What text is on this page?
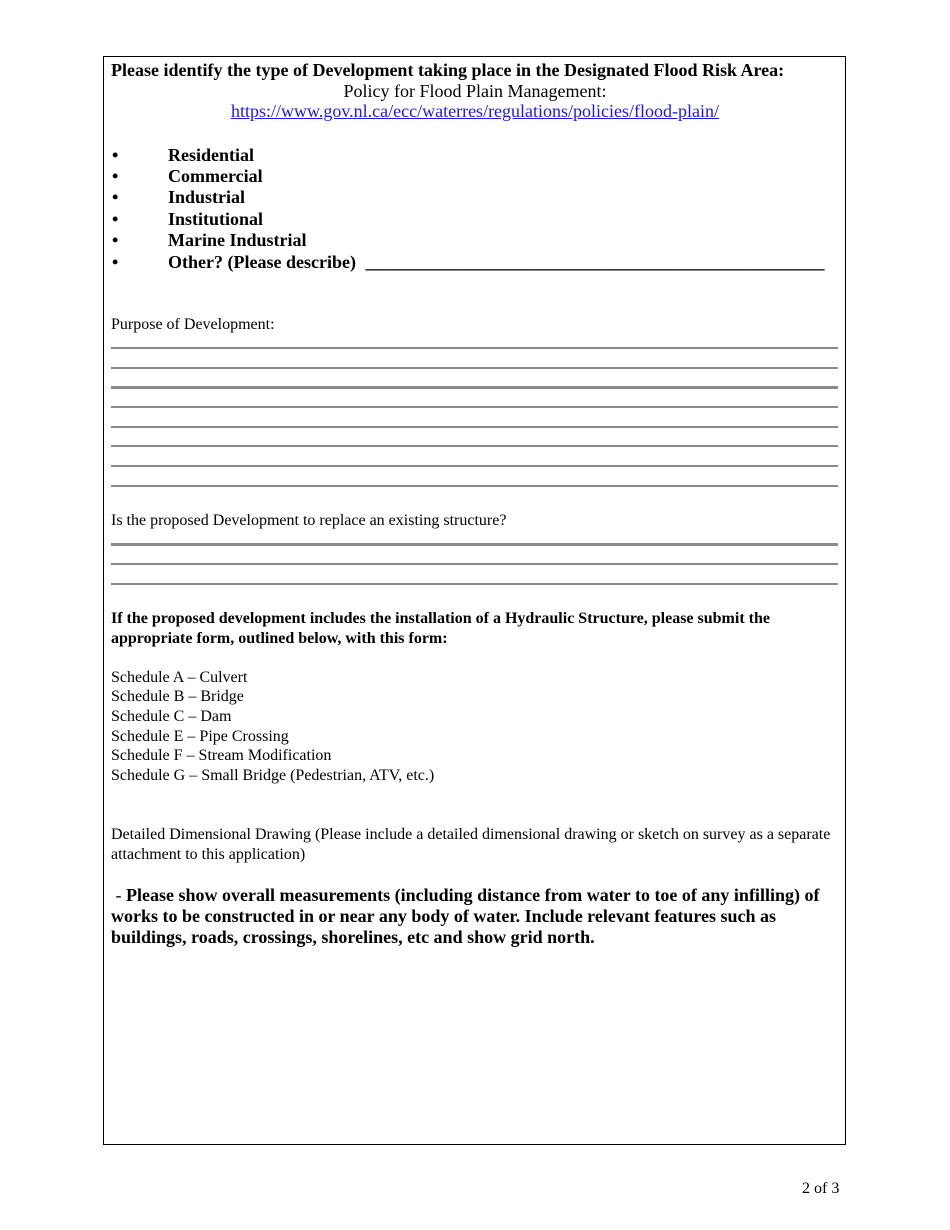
Please identify the type of Development taking place in the Designated Flood Risk Area:
Policy for Flood Plain Management:
https://www.gov.nl.ca/ecc/waterres/regulations/policies/flood-plain/
•	Residential
•	Commercial
•	Industrial
•	Institutional
•	Marine Industrial
•	Other? (Please describe) ___________________________________________________
Purpose of Development:
Is the proposed Development to replace an existing structure?
If the proposed development includes the installation of a Hydraulic Structure, please submit the appropriate form, outlined below, with this form:
Schedule A – Culvert
Schedule B – Bridge
Schedule C – Dam
Schedule E – Pipe Crossing
Schedule F – Stream Modification
Schedule G – Small Bridge (Pedestrian, ATV, etc.)
Detailed Dimensional Drawing (Please include a detailed dimensional drawing or sketch on survey as a separate attachment to this application)
- Please show overall measurements (including distance from water to toe of any infilling) of works to be constructed in or near any body of water. Include relevant features such as buildings, roads, crossings, shorelines, etc and show grid north.
2 of 3
